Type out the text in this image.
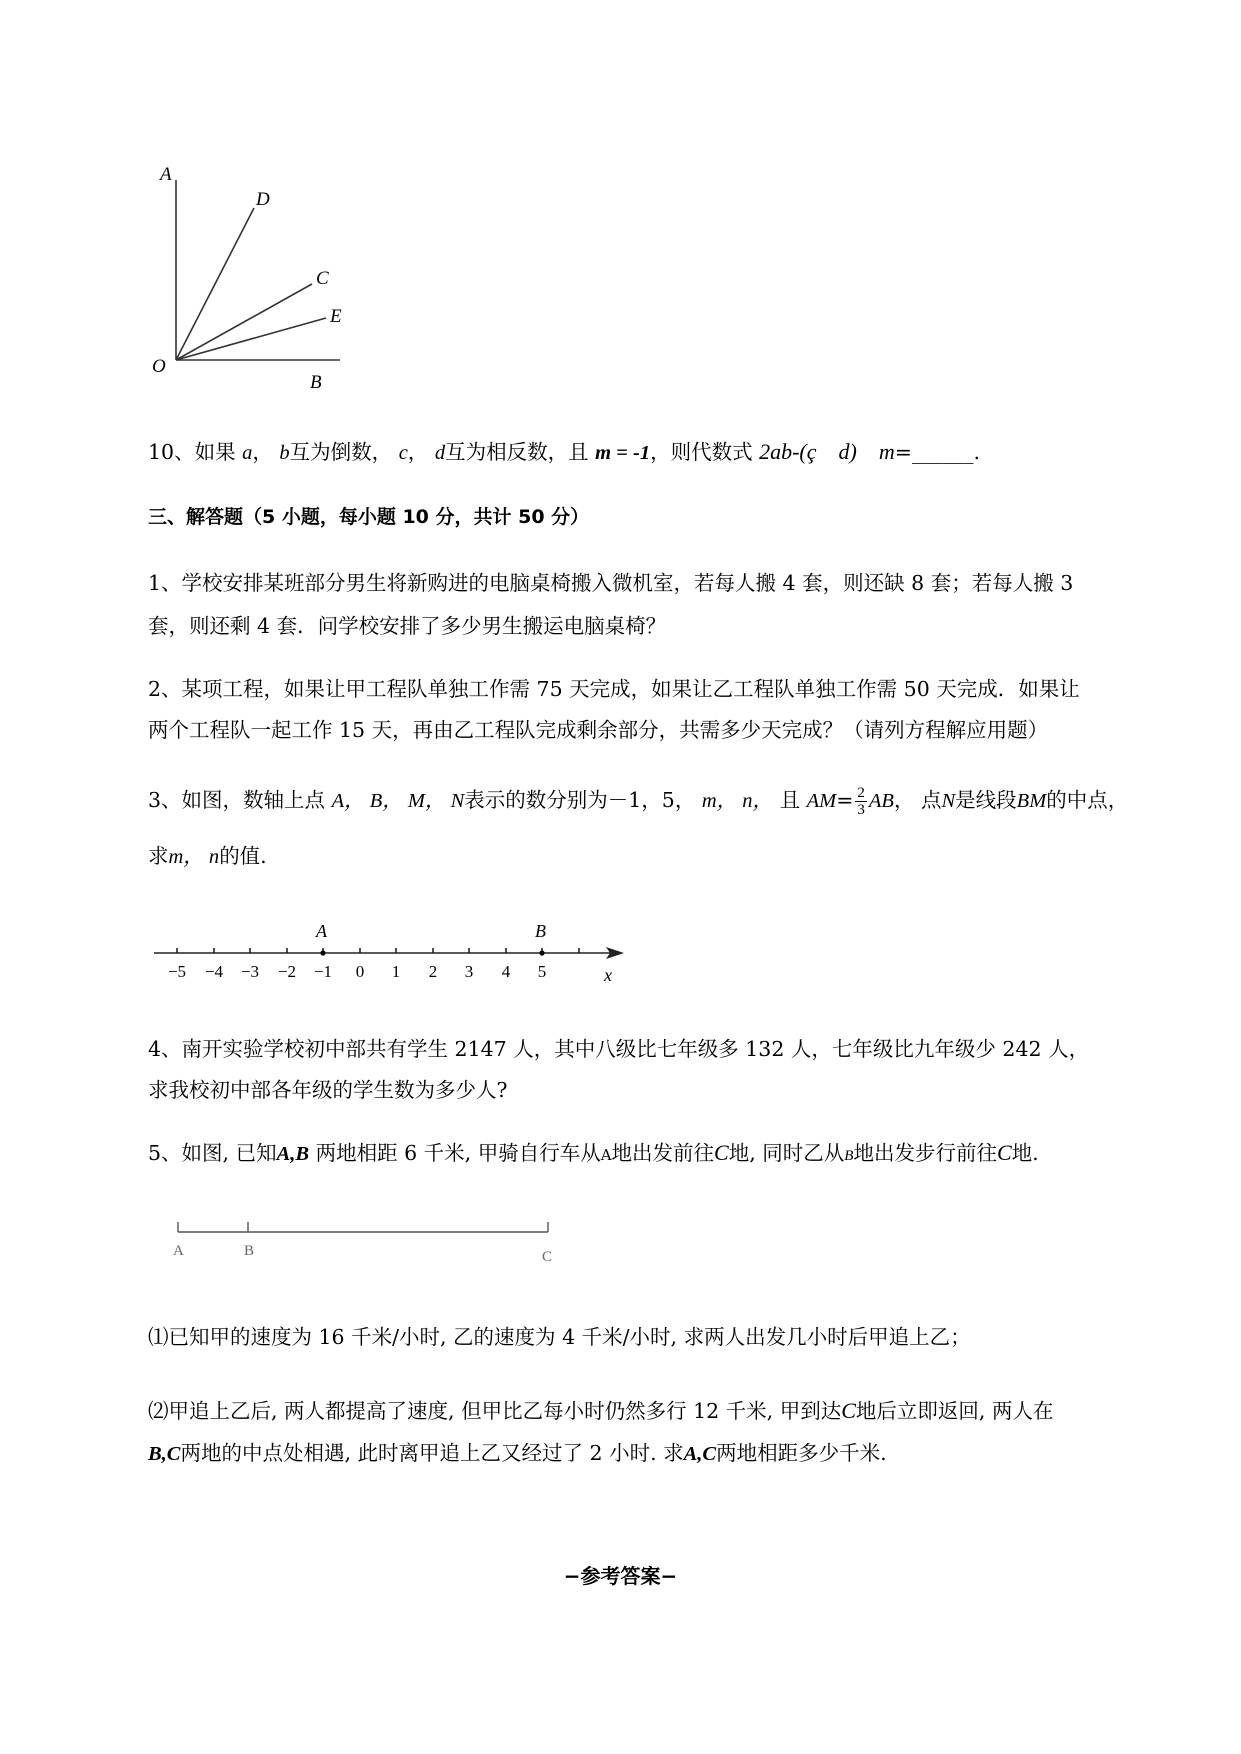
A
D
C
E
O
B
10、如果 a， b互为倒数， c， d互为相反数，且 m = -1，则代数式 2ab-(ç　d)　m=______.
三、解答题（5 小题，每小题 10 分，共计 50 分）
1、学校安排某班部分男生将新购进的电脑桌椅搬入微机室，若每人搬 4 套，则还缺 8 套；若每人搬 3
套，则还剩 4 套．问学校安排了多少男生搬运电脑桌椅？
2、某项工程，如果让甲工程队单独工作需 75 天完成，如果让乙工程队单独工作需 50 天完成．如果让
两个工程队一起工作 15 天，再由乙工程队完成剩余部分，共需多少天完成？（请列方程解应用题）
3、如图，数轴上点 A， B， M， N表示的数分别为－1，5， m， n， 且 $AM= \frac{2}{3}$ AB， 点N是线段BM的中点，
求m， n的值.
A	B
x
−5 −4 −3 −2 −1 0 1 2 3 4 5
4、南开实验学校初中部共有学生 2147 人，其中八级比七年级多 132 人，七年级比九年级少 242 人，
求我校初中部各年级的学生数为多少人?
5、如图, 已知A,B 两地相距 6 千米, 甲骑自行车从A地出发前往C地, 同时乙从B地出发步行前往C地.
A	B	C
⑴已知甲的速度为 16 千米/小时, 乙的速度为 4 千米/小时, 求两人出发几小时后甲追上乙；
⑵甲追上乙后, 两人都提高了速度, 但甲比乙每小时仍然多行 12 千米, 甲到达C地后立即返回, 两人在
B,C两地的中点处相遇, 此时离甲追上乙又经过了 2 小时. 求A,C两地相距多少千米.
−参考答案−
